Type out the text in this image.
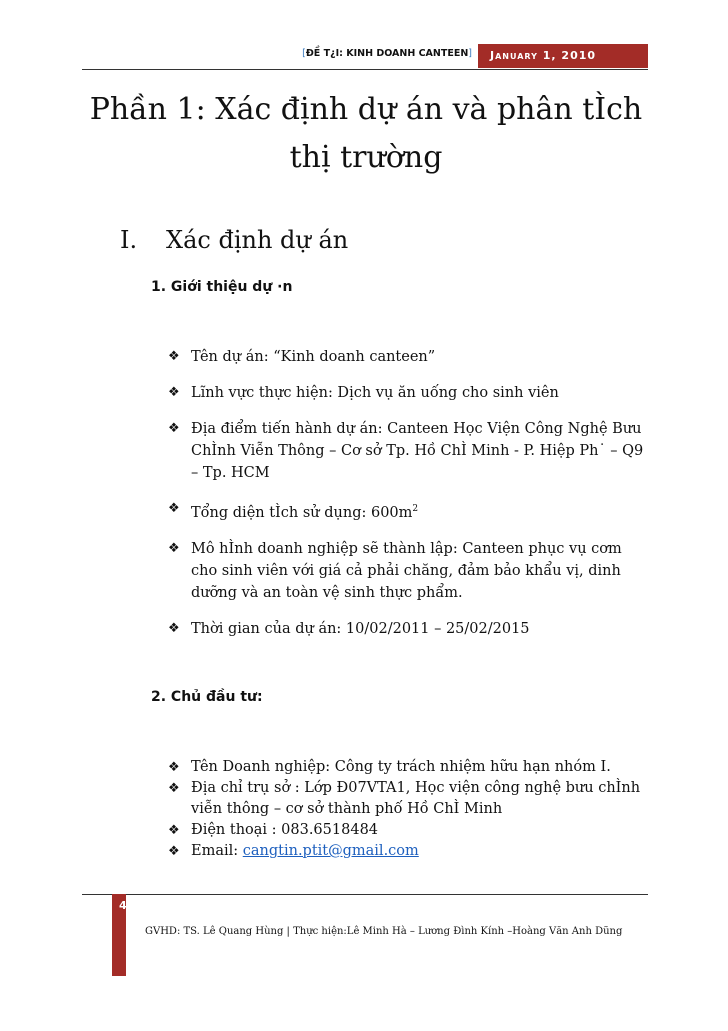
[ĐỀ T¿I: KINH DOANH CANTEEN]	January 1, 2010
Phần 1: Xác định dự án và phân tÌch thị trường
I. Xác định dự án
1. Giới thiệu dự ·n
❖ Tên dự án: “Kinh doanh canteen”
❖ Lĩnh vực thực hiện: Dịch vụ ăn uống cho sinh viên
❖ Địa điểm tiến hành dự án: Canteen Học Viện Công Nghệ Bưu ChÌnh Viễn Thông – Cơ sở Tp. Hồ ChÌ Minh - P. Hiệp Ph˙ – Q9 – Tp. HCM
❖ Tổng diện tÌch sử dụng: $600m^2$
❖ Mô hÌnh doanh nghiệp sẽ thành lập: Canteen phục vụ cơm cho sinh viên với giá cả phải chăng, đảm bảo khẩu vị, dinh dưỡng và an toàn vệ sinh thực phẩm.
❖ Thời gian của dự án: 10/02/2011 – 25/02/2015
2. Chủ đầu tư:
❖ Tên Doanh nghiệp: Công ty trách nhiệm hữu hạn nhóm I.
❖ Địa chỉ trụ sở : Lớp Đ07VTA1, Học viện công nghệ bưu chÌnh viễn thông – cơ sở thành phố Hồ ChÌ Minh
❖ Điện thoại : 083.6518484
❖ Email: cangtin.ptit@gmail.com
4
GVHD: TS. Lê Quang Hùng | Thực hiện:Lê Minh Hà – Lương Đình Kính –Hoàng Văn Anh Dũng
